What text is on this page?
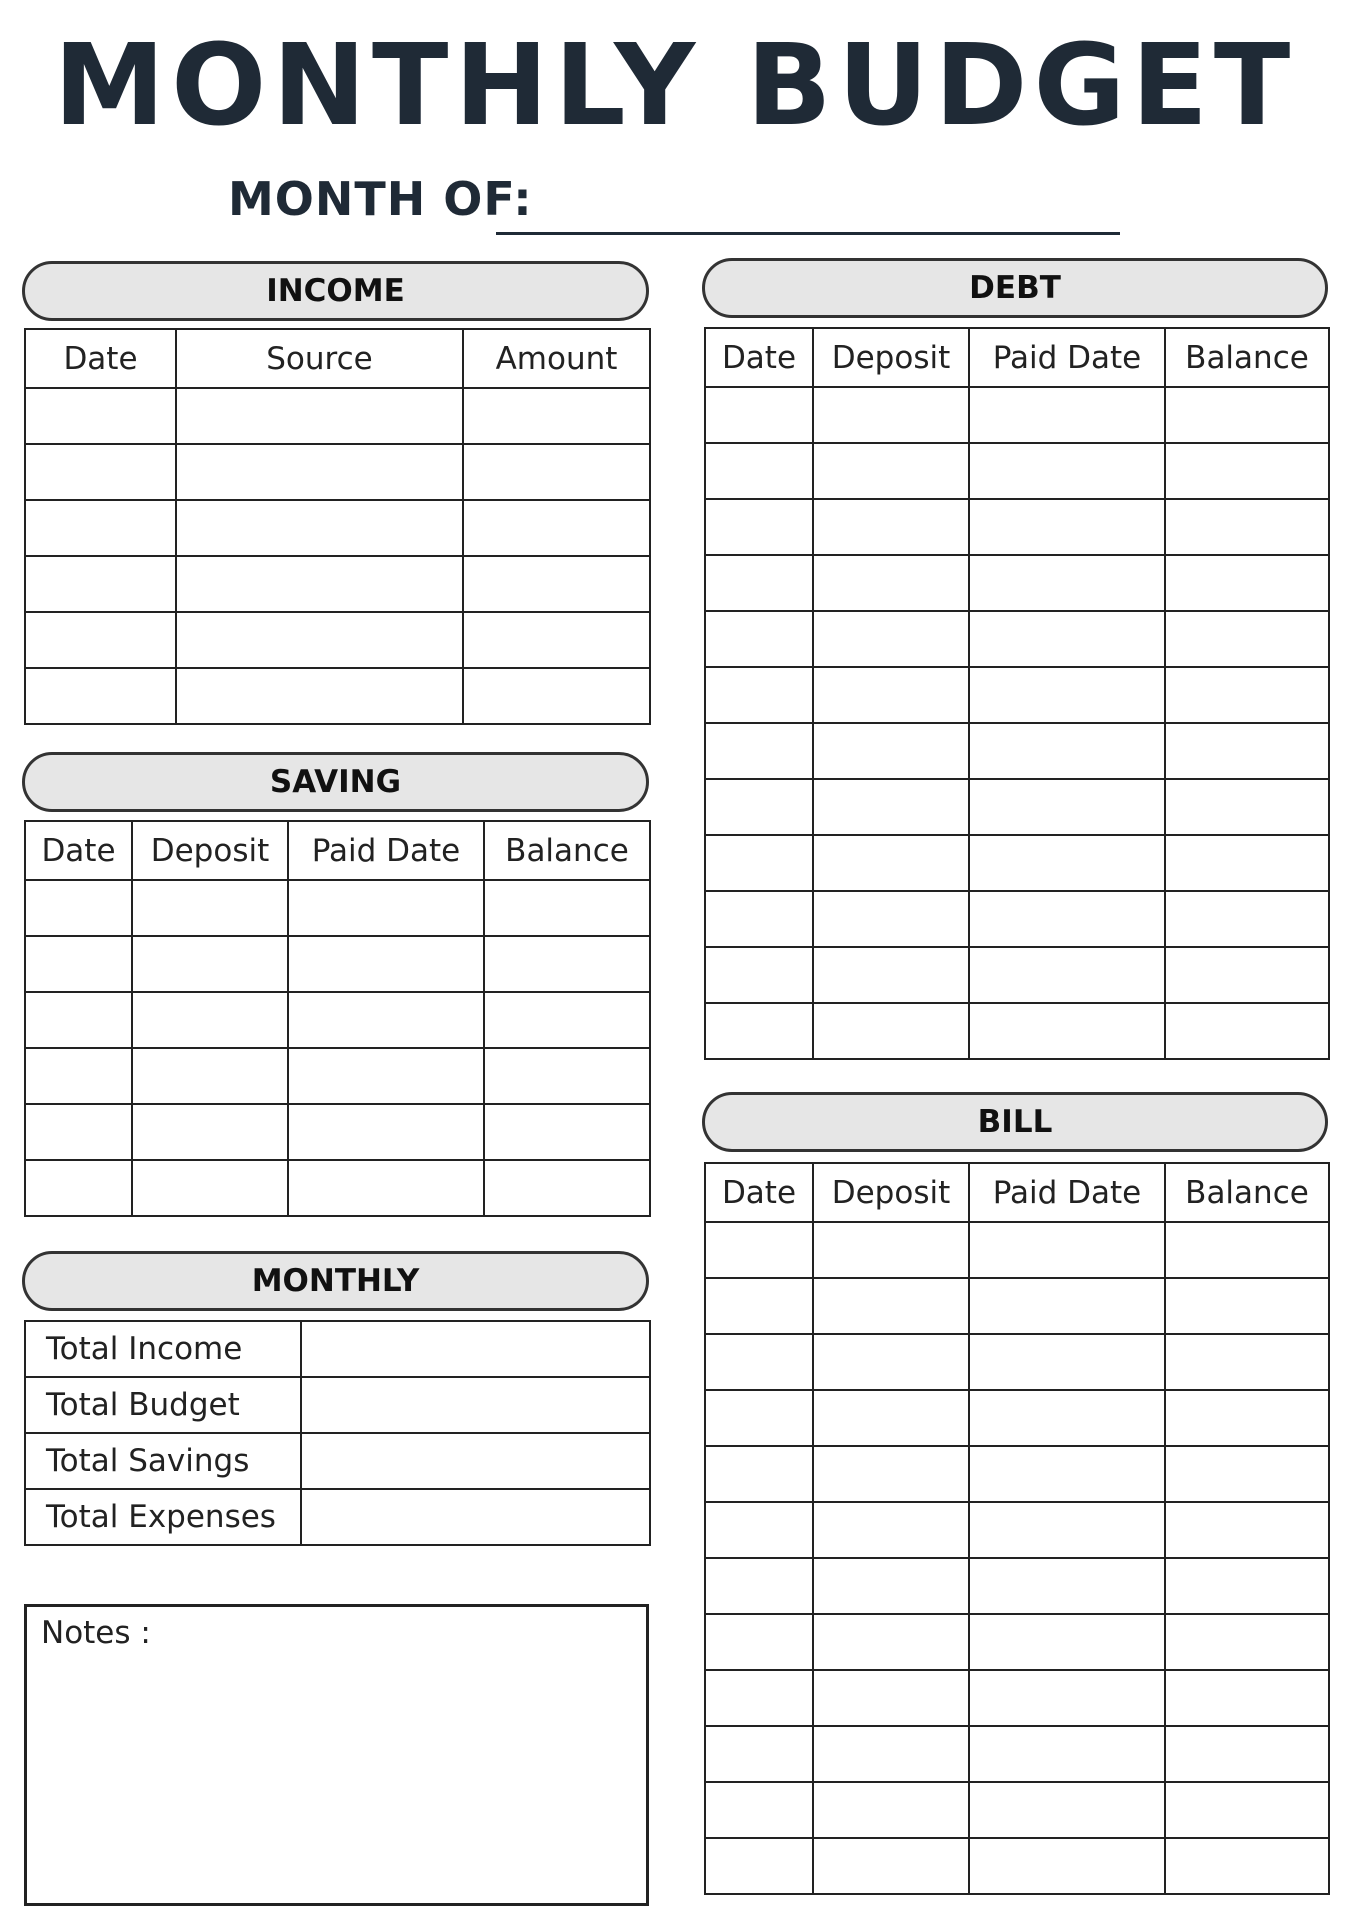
MONTHLY BUDGET
MONTH OF:
INCOME
Date	Source	Amount

SAVING
Date	Deposit	Paid Date	Balance

MONTHLY
Total Income	
Total Budget	
Total Savings	
Total Expenses	
Notes :
DEBT
Date	Deposit	Paid Date	Balance

BILL
Date	Deposit	Paid Date	Balance
